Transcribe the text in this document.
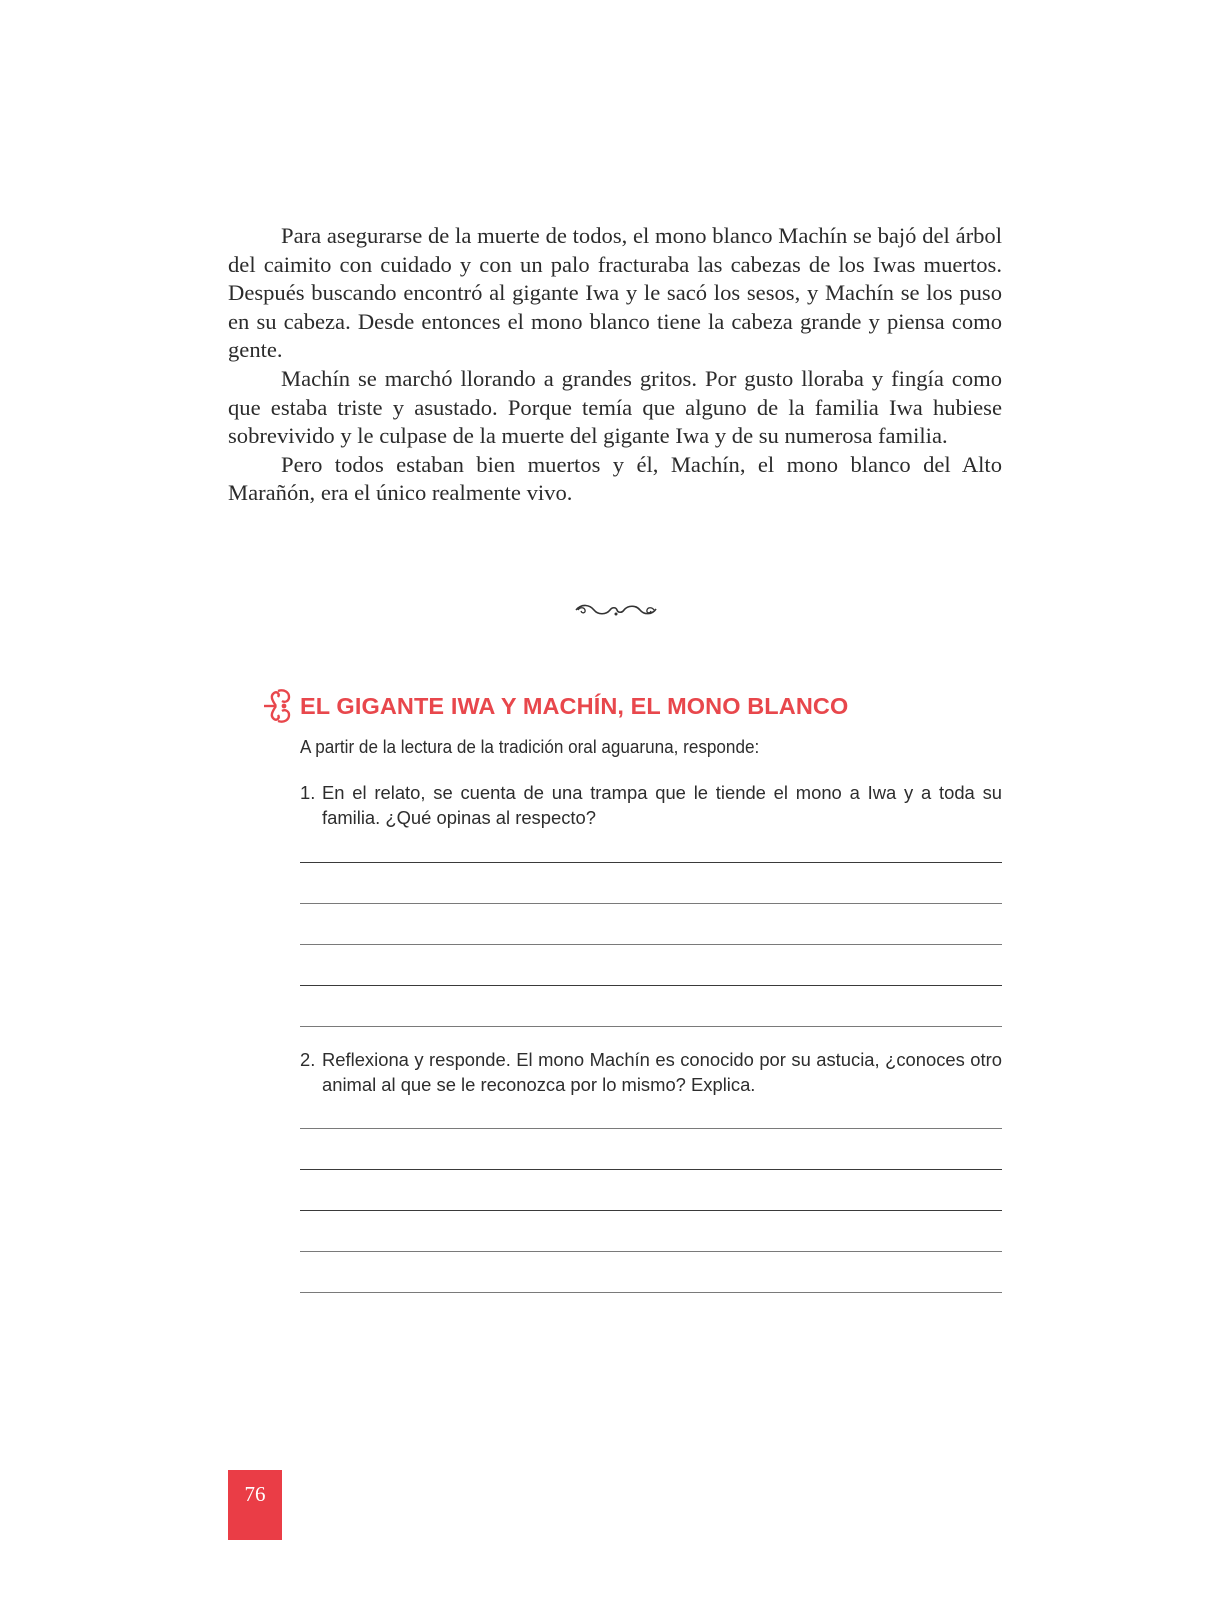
Para asegurarse de la muerte de todos, el mono blanco Machín se bajó del árbol del caimito con cuidado y con un palo fracturaba las cabezas de los Iwas muertos. Después buscando encontró al gigante Iwa y le sacó los sesos, y Machín se los puso en su cabeza. Desde entonces el mono blanco tiene la cabeza grande y piensa como gente.

Machín se marchó llorando a grandes gritos. Por gusto lloraba y fingía como que estaba triste y asustado. Porque temía que alguno de la familia Iwa hubiese sobrevivido y le culpase de la muerte del gigante Iwa y de su numerosa familia.

Pero todos estaban bien muertos y él, Machín, el mono blanco del Alto Marañón, era el único realmente vivo.

EL GIGANTE IWA Y MACHÍN, EL MONO BLANCO
A partir de la lectura de la tradición oral aguaruna, responde:
1. En el relato, se cuenta de una trampa que le tiende el mono a Iwa y a toda su familia. ¿Qué opinas al respecto?
2. Reflexiona y responde. El mono Machín es conocido por su astucia, ¿conoces otro animal al que se le reconozca por lo mismo? Explica.
76
